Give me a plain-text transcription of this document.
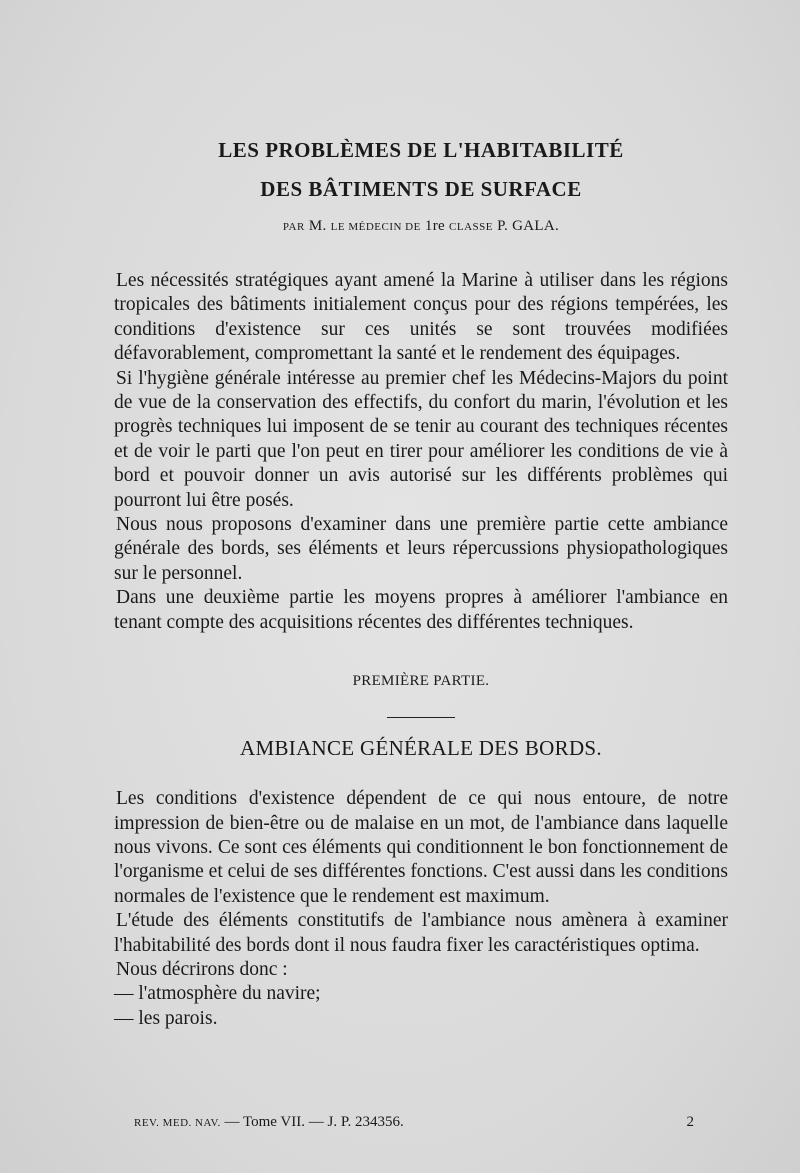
LES PROBLÈMES DE L'HABITABILITÉ
DES BÂTIMENTS DE SURFACE
PAR M. LE MÉDECIN DE 1re CLASSE P. GALA.

Les nécessités stratégiques ayant amené la Marine à utiliser dans les régions tropicales des bâtiments initialement conçus pour des régions tempérées, les conditions d'existence sur ces unités se sont trouvées modifiées défavorablement, compromettant la santé et le rendement des équipages.

Si l'hygiène générale intéresse au premier chef les Médecins-Majors du point de vue de la conservation des effectifs, du confort du marin, l'évolution et les progrès techniques lui imposent de se tenir au courant des techniques récentes et de voir le parti que l'on peut en tirer pour améliorer les conditions de vie à bord et pouvoir donner un avis autorisé sur les différents problèmes qui pourront lui être posés.

Nous nous proposons d'examiner dans une première partie cette ambiance générale des bords, ses éléments et leurs répercussions physiopathologiques sur le personnel.

Dans une deuxième partie les moyens propres à améliorer l'ambiance en tenant compte des acquisitions récentes des différentes techniques.

PREMIÈRE PARTIE.
AMBIANCE GÉNÉRALE DES BORDS.

Les conditions d'existence dépendent de ce qui nous entoure, de notre impression de bien-être ou de malaise en un mot, de l'ambiance dans laquelle nous vivons. Ce sont ces éléments qui conditionnent le bon fonctionnement de l'organisme et celui de ses différentes fonctions. C'est aussi dans les conditions normales de l'existence que le rendement est maximum.

L'étude des éléments constitutifs de l'ambiance nous amènera à examiner l'habitabilité des bords dont il nous faudra fixer les caractéristiques optima.

Nous décrirons donc :

— l'atmosphère du navire;

— les parois.

REV. MED. NAV. — Tome VII. — J. P. 234356.	2
